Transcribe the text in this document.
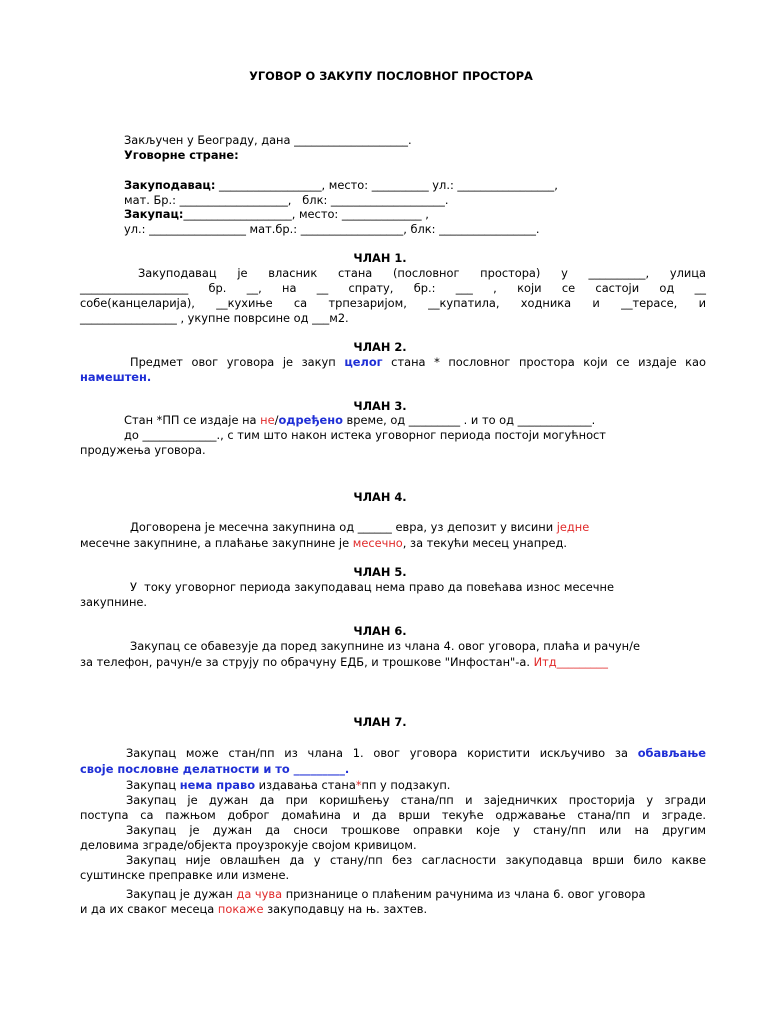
УГОВОР О ЗАКУПУ ПОСЛОВНОГ ПРОСТОРА
Закључен у Београду, дана ____________________.
Уговорне стране:
Закуподавац: __________________, место: __________ ул.: _________________,
мат. Бр.: ___________________,   блк: ____________________.
Закупац:___________________, место: ______________ ,
ул.: _________________ мат.бр.: __________________, блк: _________________.
ЧЛАН 1.
Закуподавац  је  власник  стана  (пословног  простора)  у  __________,  улица
___________________ бр. __, на __ спрату, бр.: ___ , који се састоји од __
собе(канцеларија), __кухиње са трпезаријом, __купатила, ходника и __терасе, и
_________________ , укупне поврсине од ___м2.
ЧЛАН 2.
Предмет овог уговора је закуп целог стана * пословног простора који се издаје као
намештен.
ЧЛАН 3.
Стан *ПП се издаје на не/одређено време, од _________ . и то од _____________.
до _____________., с тим што након истека уговорног периода постоји могућност
продужења уговора.
ЧЛАН 4.
Договорена је месечна закупнина од ______ евра, уз депозит у висини једне
месечне закупнине, а плаћање закупнине је месечно, за текући месец унапред.
ЧЛАН 5.
У  току уговорног периода закуподавац нема право да повећава износ месечне
закупнине.
ЧЛАН 6.
Закупац се обавезује да поред закупнине из члана 4. овог уговора, плаћа и рачун/е
за телефон, рачун/е за струју по обрачуну ЕДБ, и трошкове "Инфостан"-а. Итд_________
ЧЛАН 7.
Закупац може стан/пп из члана 1. овог уговора користити искључиво за обављање
своје пословне делатности и то _________.
Закупац нема право издавања стана*пп у подзакуп.
Закупац је дужан да при коришћењу стана/пп и заједничких просторија у згради
поступа са пажњом доброг домаћина и да врши текуће одржавање стана/пп и зграде.
Закупац  је  дужан  да  сноси  трошкове  оправки  које  у  стану/пп  или  на  другим
деловима зграде/објекта проузрокује својом кривицом.
Закупац није овлашћен да у стану/пп без сагласности закуподавца врши било какве
суштинске преправке или измене.
Закупац је дужан да чува признанице о плаћеним рачунима из члана 6. овог уговора
и да их сваког месеца покаже закуподавцу на њ. захтев.
